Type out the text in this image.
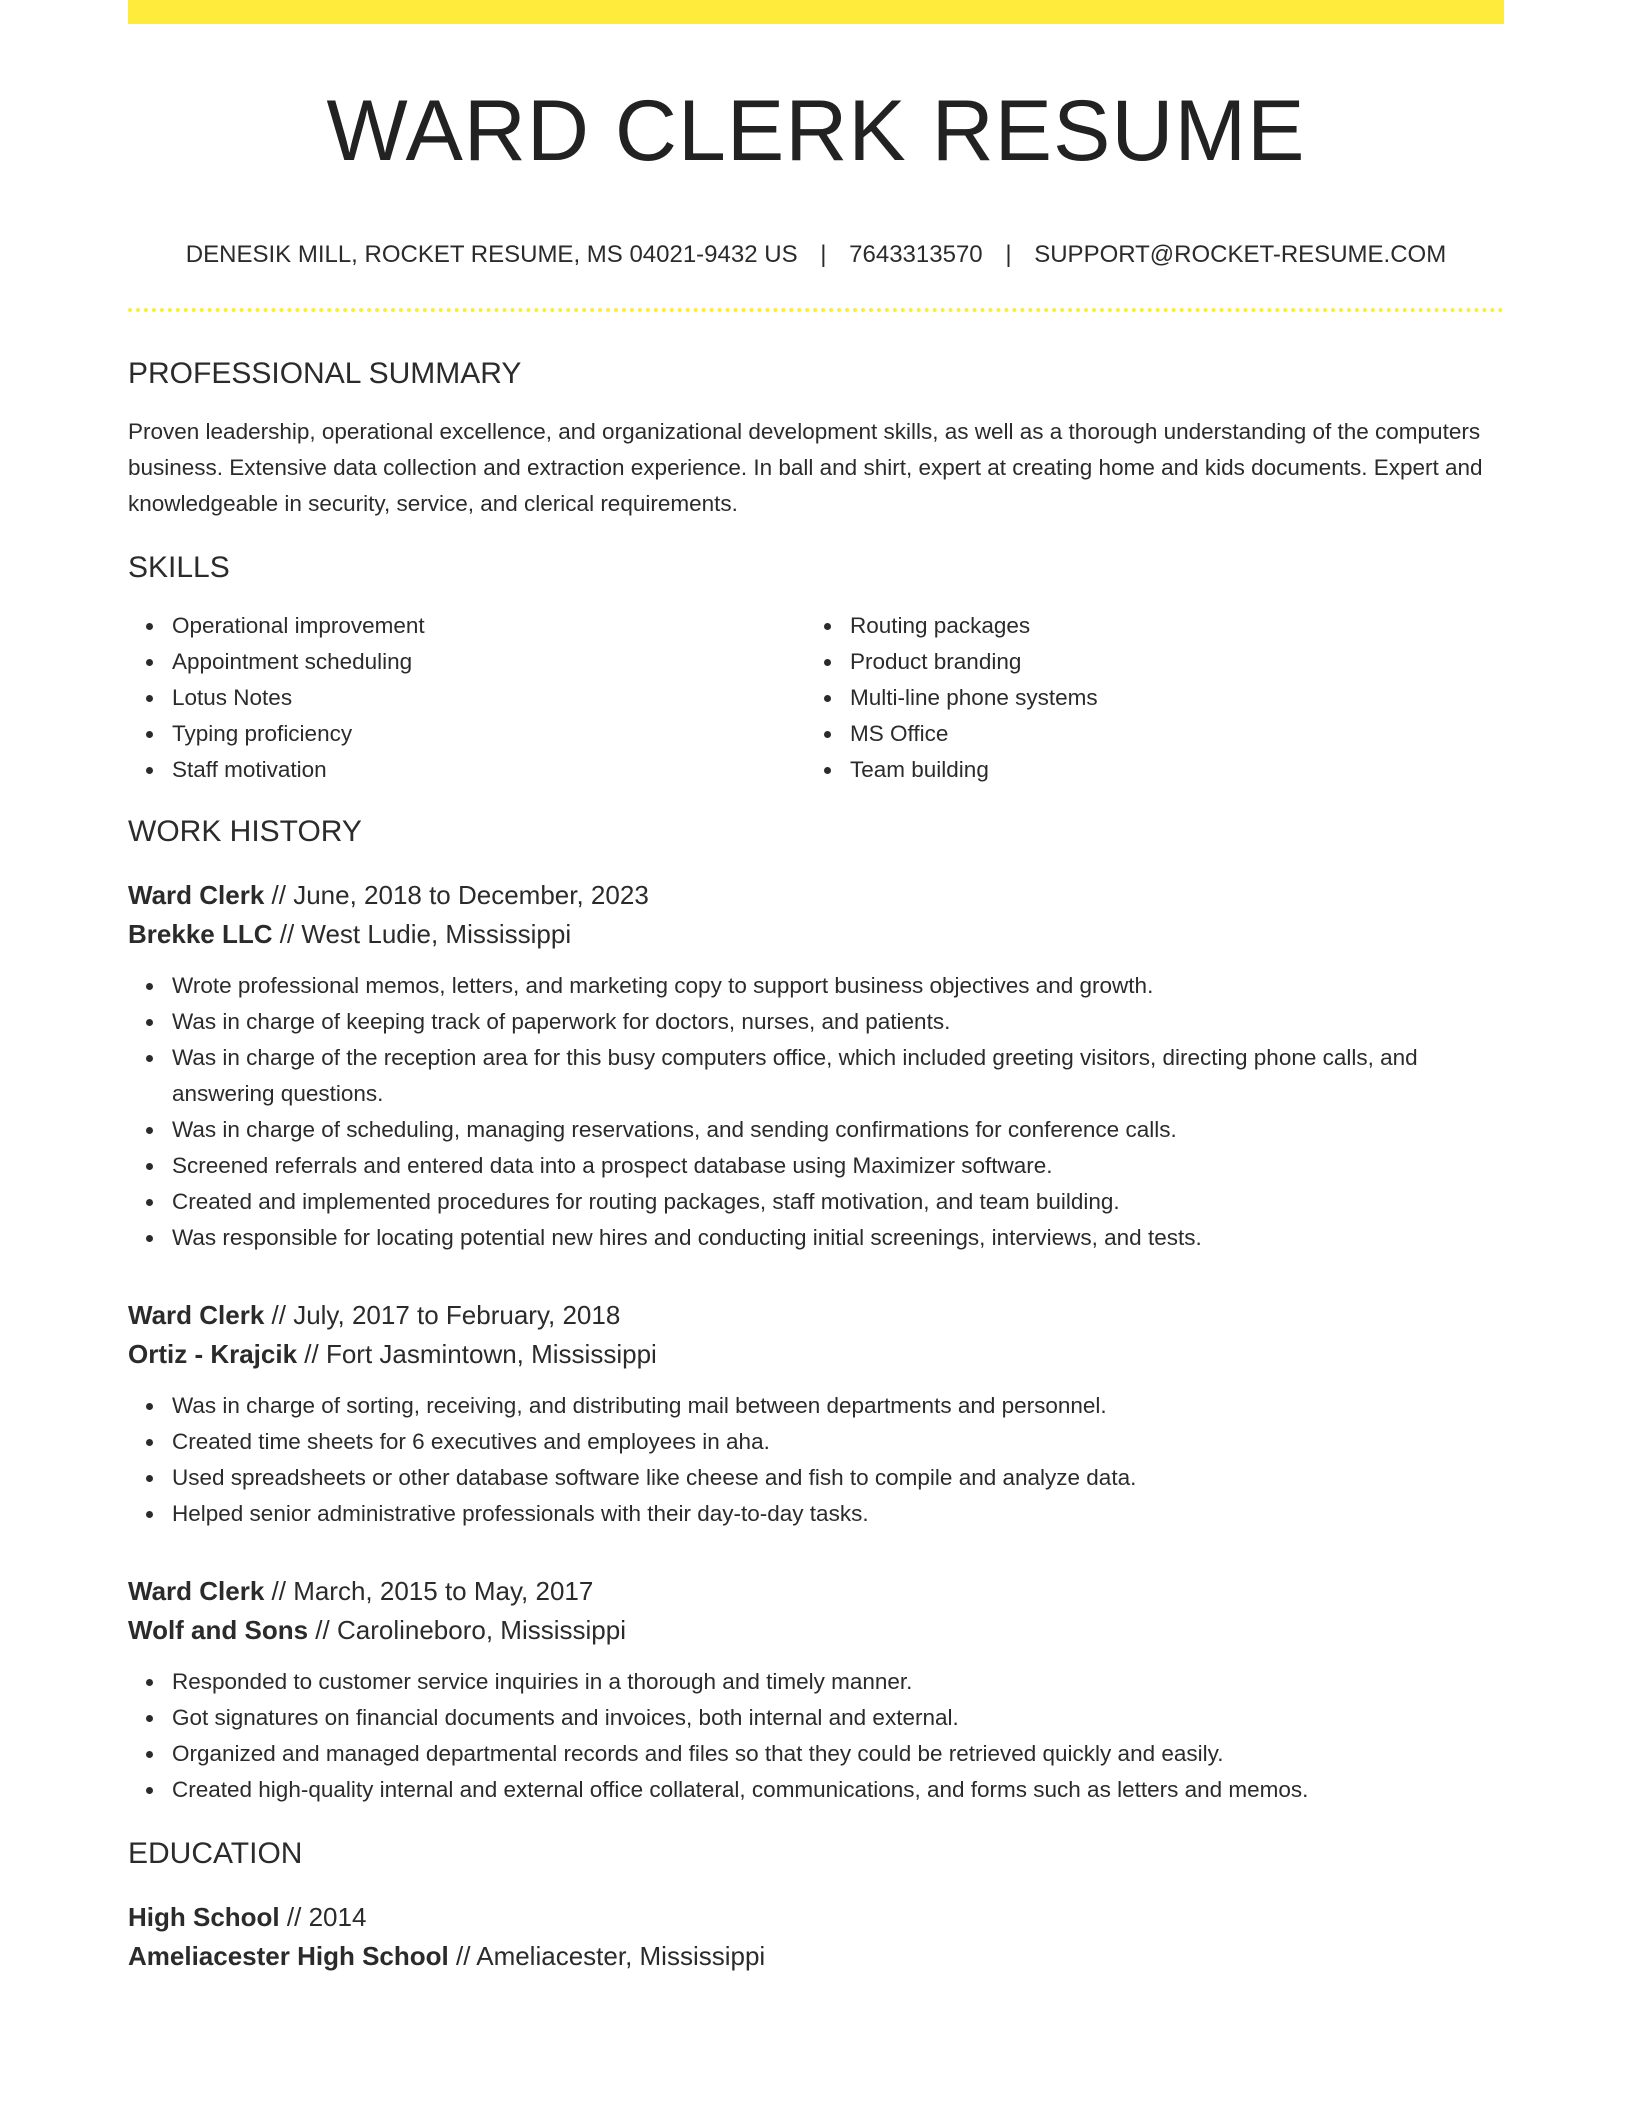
WARD CLERK RESUME
DENESIK MILL, ROCKET RESUME, MS 04021-9432 US | 7643313570 | SUPPORT@ROCKET-RESUME.COM
PROFESSIONAL SUMMARY
Proven leadership, operational excellence, and organizational development skills, as well as a thorough understanding of the computers business. Extensive data collection and extraction experience. In ball and shirt, expert at creating home and kids documents. Expert and knowledgeable in security, service, and clerical requirements.
SKILLS
Operational improvement
Appointment scheduling
Lotus Notes
Typing proficiency
Staff motivation
Routing packages
Product branding
Multi-line phone systems
MS Office
Team building
WORK HISTORY
Ward Clerk // June, 2018 to December, 2023
Brekke LLC // West Ludie, Mississippi
Wrote professional memos, letters, and marketing copy to support business objectives and growth.
Was in charge of keeping track of paperwork for doctors, nurses, and patients.
Was in charge of the reception area for this busy computers office, which included greeting visitors, directing phone calls, and answering questions.
Was in charge of scheduling, managing reservations, and sending confirmations for conference calls.
Screened referrals and entered data into a prospect database using Maximizer software.
Created and implemented procedures for routing packages, staff motivation, and team building.
Was responsible for locating potential new hires and conducting initial screenings, interviews, and tests.
Ward Clerk // July, 2017 to February, 2018
Ortiz - Krajcik // Fort Jasmintown, Mississippi
Was in charge of sorting, receiving, and distributing mail between departments and personnel.
Created time sheets for 6 executives and employees in aha.
Used spreadsheets or other database software like cheese and fish to compile and analyze data.
Helped senior administrative professionals with their day-to-day tasks.
Ward Clerk // March, 2015 to May, 2017
Wolf and Sons // Carolineboro, Mississippi
Responded to customer service inquiries in a thorough and timely manner.
Got signatures on financial documents and invoices, both internal and external.
Organized and managed departmental records and files so that they could be retrieved quickly and easily.
Created high-quality internal and external office collateral, communications, and forms such as letters and memos.
EDUCATION
High School // 2014
Ameliacester High School // Ameliacester, Mississippi
